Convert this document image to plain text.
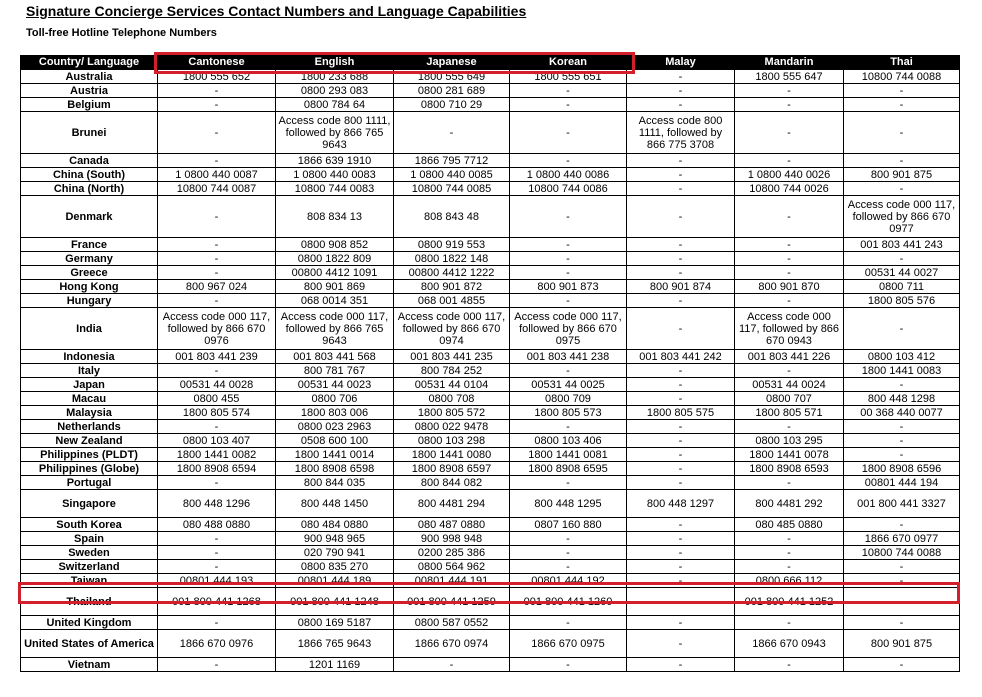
Signature Concierge Services Contact Numbers and Language Capabilities
Toll-free Hotline Telephone Numbers
Country/ Language	Cantonese	English	Japanese	Korean	Malay	Mandarin	Thai
Australia	1800 555 652	1800 233 688	1800 555 649	1800 555 651	-	1800 555 647	10800 744 0088
Austria	-	0800 293 083	0800 281 689	-	-	-	-
Belgium	-	0800 784 64	0800 710 29	-	-	-	-
Brunei	-	Access code 800 1111, followed by 866 765 9643	-	-	Access code 800 1111, followed by 866 775 3708	-	-
Canada	-	1866 639 1910	1866 795 7712	-	-	-	-
China (South)	1 0800 440 0087	1 0800 440 0083	1 0800 440 0085	1 0800 440 0086	-	1 0800 440 0026	800 901 875
China (North)	10800 744 0087	10800 744 0083	10800 744 0085	10800 744 0086	-	10800 744 0026	-
Denmark	-	808 834 13	808 843 48	-	-	-	Access code 000 117, followed by 866 670 0977
France	-	0800 908 852	0800 919 553	-	-	-	001 803 441 243
Germany	-	0800 1822 809	0800 1822 148	-	-	-	-
Greece	-	00800 4412 1091	00800 4412 1222	-	-	-	00531 44 0027
Hong Kong	800 967 024	800 901 869	800 901 872	800 901 873	800 901 874	800 901 870	0800 711
Hungary	-	068 0014 351	068 001 4855	-	-	-	1800 805 576
India	Access code 000 117, followed by 866 670 0976	Access code 000 117, followed by 866 765 9643	Access code 000 117, followed by 866 670 0974	Access code 000 117, followed by 866 670 0975	-	Access code 000 117, followed by 866 670 0943	-
Indonesia	001 803 441 239	001 803 441 568	001 803 441 235	001 803 441 238	001 803 441 242	001 803 441 226	0800 103 412
Italy	-	800 781 767	800 784 252	-	-	-	1800 1441 0083
Japan	00531 44 0028	00531 44 0023	00531 44 0104	00531 44 0025	-	00531 44 0024	-
Macau	0800 455	0800 706	0800 708	0800 709	-	0800 707	800 448 1298
Malaysia	1800 805 574	1800 803 006	1800 805 572	1800 805 573	1800 805 575	1800 805 571	00 368 440 0077
Netherlands	-	0800 023 2963	0800 022 9478	-	-	-	-
New Zealand	0800 103 407	0508 600 100	0800 103 298	0800 103 406	-	0800 103 295	-
Philippines (PLDT)	1800 1441 0082	1800 1441 0014	1800 1441 0080	1800 1441 0081	-	1800 1441 0078	-
Philippines (Globe)	1800 8908 6594	1800 8908 6598	1800 8908 6597	1800 8908 6595	-	1800 8908 6593	1800 8908 6596
Portugal	-	800 844 035	800 844 082	-	-	-	00801 444 194
Singapore	800 448 1296	800 448 1450	800 4481 294	800 448 1295	800 448 1297	800 4481 292	001 800 441 3327
South Korea	080 488 0880	080 484 0880	080 487 0880	0807 160 880	-	080 485 0880	-
Spain	-	900 948 965	900 998 948	-	-	-	1866 670 0977
Sweden	-	020 790 941	0200 285 386	-	-	-	10800 744 0088
Switzerland	-	0800 835 270	0800 564 962	-	-	-	-
Taiwan	00801 444 193	00801 444 189	00801 444 191	00801 444 192	-	0800 666 112	-
Thailand	001 800 441 1268	001 800 441 1248	001 800 441 1259	001 800 441 1260	-	001 800 441 1252	-
United Kingdom	-	0800 169 5187	0800 587 0552	-	-	-	-
United States of America	1866 670 0976	1866 765 9643	1866 670 0974	1866 670 0975	-	1866 670 0943	800 901 875
Vietnam	-	1201 1169	-	-	-	-	-
